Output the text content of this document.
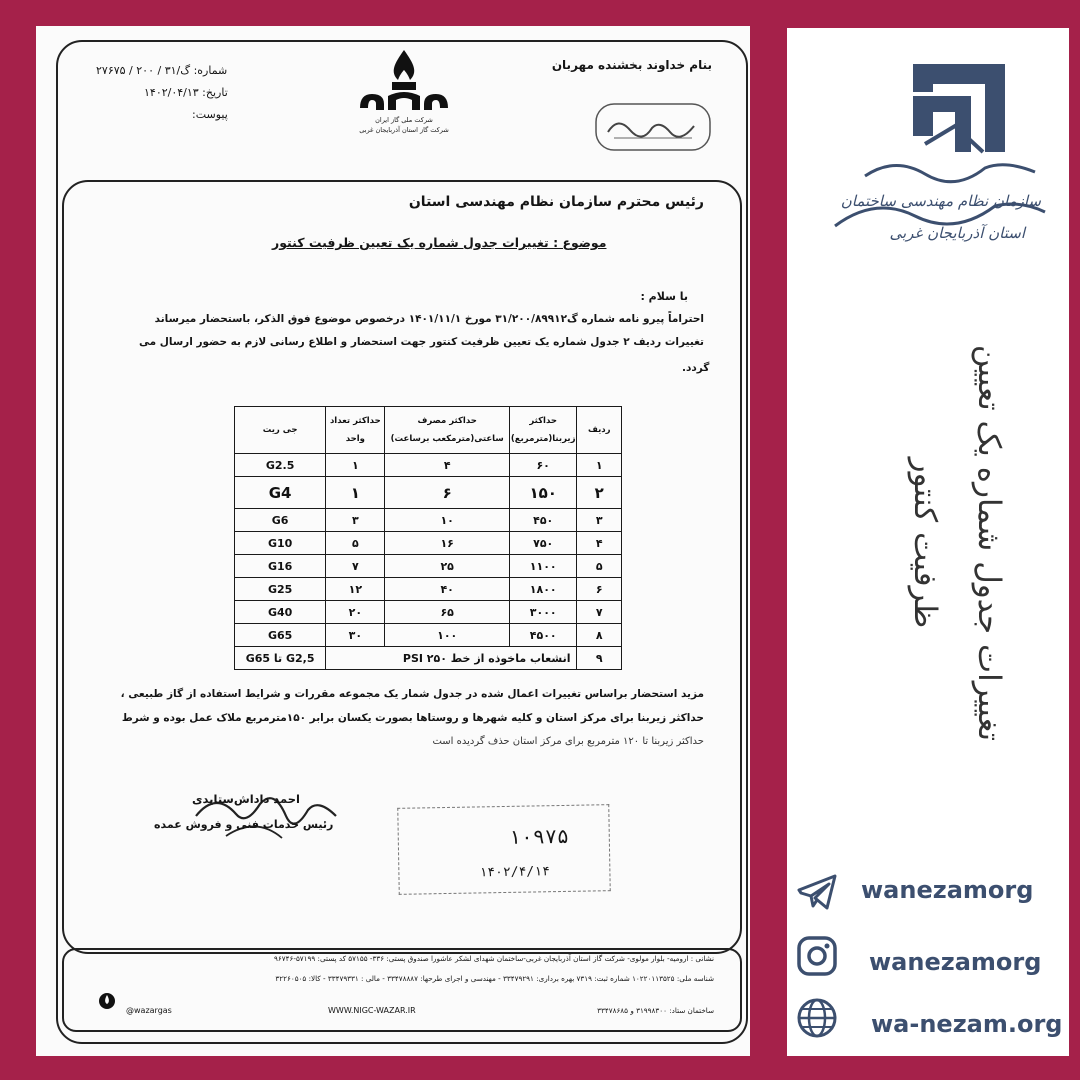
بنام خداوند بخشنده مهربان
شماره: گ/۳۱ / ۲۰۰ / ۲۷۶۷۵
تاریخ: ۱۴۰۲/۰۴/۱۳
پیوست:	شرکت ملی گاز ایران
شرکت گاز استان آذربایجان غربی
رئیس محترم سازمان نظام مهندسی استان
موضوع : تغییرات جدول شماره یک تعیین ظرفیت کنتور
با سلام :
احتراماً پیرو نامه شماره گ۳۱/۲۰۰/۸۹۹۱۲ مورخ ۱۴۰۱/۱۱/۱ درخصوص موضوع فوق الذکر، باستحضار میرساند
تغییرات ردیف ۲ جدول شماره یک تعیین ظرفیت کنتور جهت استحضار و اطلاع رسانی لازم به حضور ارسال می
گردد.
ردیف	حداکثر زیربنا(مترمربع)	حداکثر مصرف ساعتی(مترمکعب برساعت)	حداکثر تعداد واحد	جی ریت
۱	۶۰	۴	۱	G2.5
۲	۱۵۰	۶	۱	G4
۳	۴۵۰	۱۰	۳	G6
۴	۷۵۰	۱۶	۵	G10
۵	۱۱۰۰	۲۵	۷	G16
۶	۱۸۰۰	۴۰	۱۲	G25
۷	۳۰۰۰	۶۵	۲۰	G40
۸	۴۵۰۰	۱۰۰	۳۰	G65
۹	انشعاب ماخوذه از خط PSI ۲۵۰			G2,5 تا G65
مزید استحضار براساس تغییرات اعمال شده در جدول شمار یک مجموعه مقررات و شرایط استفاده از گاز طبیعی ،
حداکثر زیربنا برای مرکز استان و کلیه شهرها و روستاها بصورت یکسان برابر ۱۵۰مترمربع ملاک عمل بوده و شرط
حداکثر زیربنا تا ۱۲۰ مترمربع برای مرکز استان حذف گردیده است
احمد داداش‌ستایدی
رئیس خدمات فنی و فروش عمده	۱۰۹۷۵
۱۴۰۲/۴/۱۴
نشانی : ارومیه- بلوار مولوی- شرکت گاز استان آذربایجان غربی-ساختمان شهدای لشکر عاشورا صندوق پستی: ۳۳۶- ۵۷۱۵۵ کد پستی: ۵۷۱۹۹-۹۶۷۴۶
شناسه ملی: ۱۰۲۲۰۱۱۳۵۲۵ شماره ثبت: ۷۳۱۹ بهره برداری: ۳۳۴۷۹۲۹۱ - مهندسی و اجرای طرحها: ۳۳۴۷۸۸۸۷ - مالی : ۳۳۴۷۹۳۳۱ - کالا: ۳۲۲۶۰۵۰۵
@wazargas	WWW.NIGC-WAZAR.IR	ساختمان ستاد: ۳۱۹۹۸۳۰۰ و ۳۳۴۷۸۶۸۵
سازمان نظام مهندسی ساختمان
استان آذربایجان غربی
تغییرات جدول شماره یک تعیین
ظرفیت کنتور
wanezamorg
wanezamorg
wa-nezam.org
